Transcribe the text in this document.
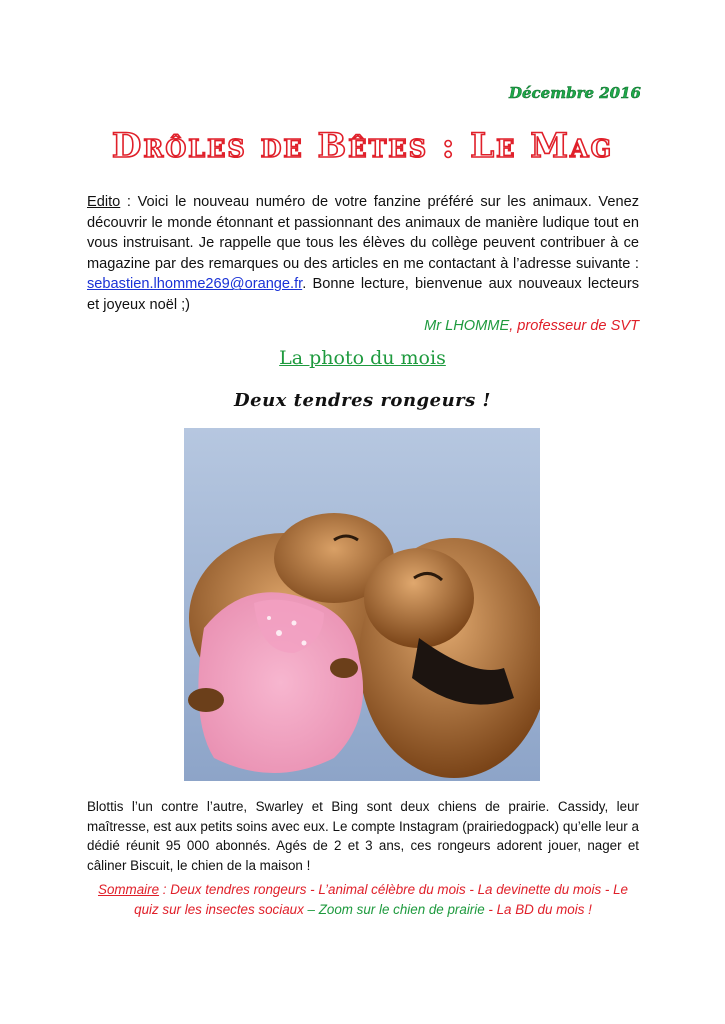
Décembre 2016
Drôles de Bêtes : Le Mag
Edito : Voici le nouveau numéro de votre fanzine préféré sur les animaux. Venez découvrir le monde étonnant et passionnant des animaux de manière ludique tout en vous instruisant. Je rappelle que tous les élèves du collège peuvent contribuer à ce magazine par des remarques ou des articles en me contactant à l’adresse suivante : sebastien.lhomme269@orange.fr. Bonne lecture, bienvenue aux nouveaux lecteurs et joyeux noël ;)
Mr LHOMME, professeur de SVT
La photo du mois
Deux tendres rongeurs !
Blottis l’un contre l’autre, Swarley et Bing sont deux chiens de prairie. Cassidy, leur maîtresse, est aux petits soins avec eux. Le compte Instagram (prairiedogpack) qu’elle leur a dédié réunit 95 000 abonnés. Agés de 2 et 3 ans, ces rongeurs adorent jouer, nager et câliner Biscuit, le chien de la maison !
Sommaire : Deux tendres rongeurs - L’animal célèbre du mois - La devinette du mois - Le quiz sur les insectes sociaux – Zoom sur le chien de prairie - La BD du mois !
